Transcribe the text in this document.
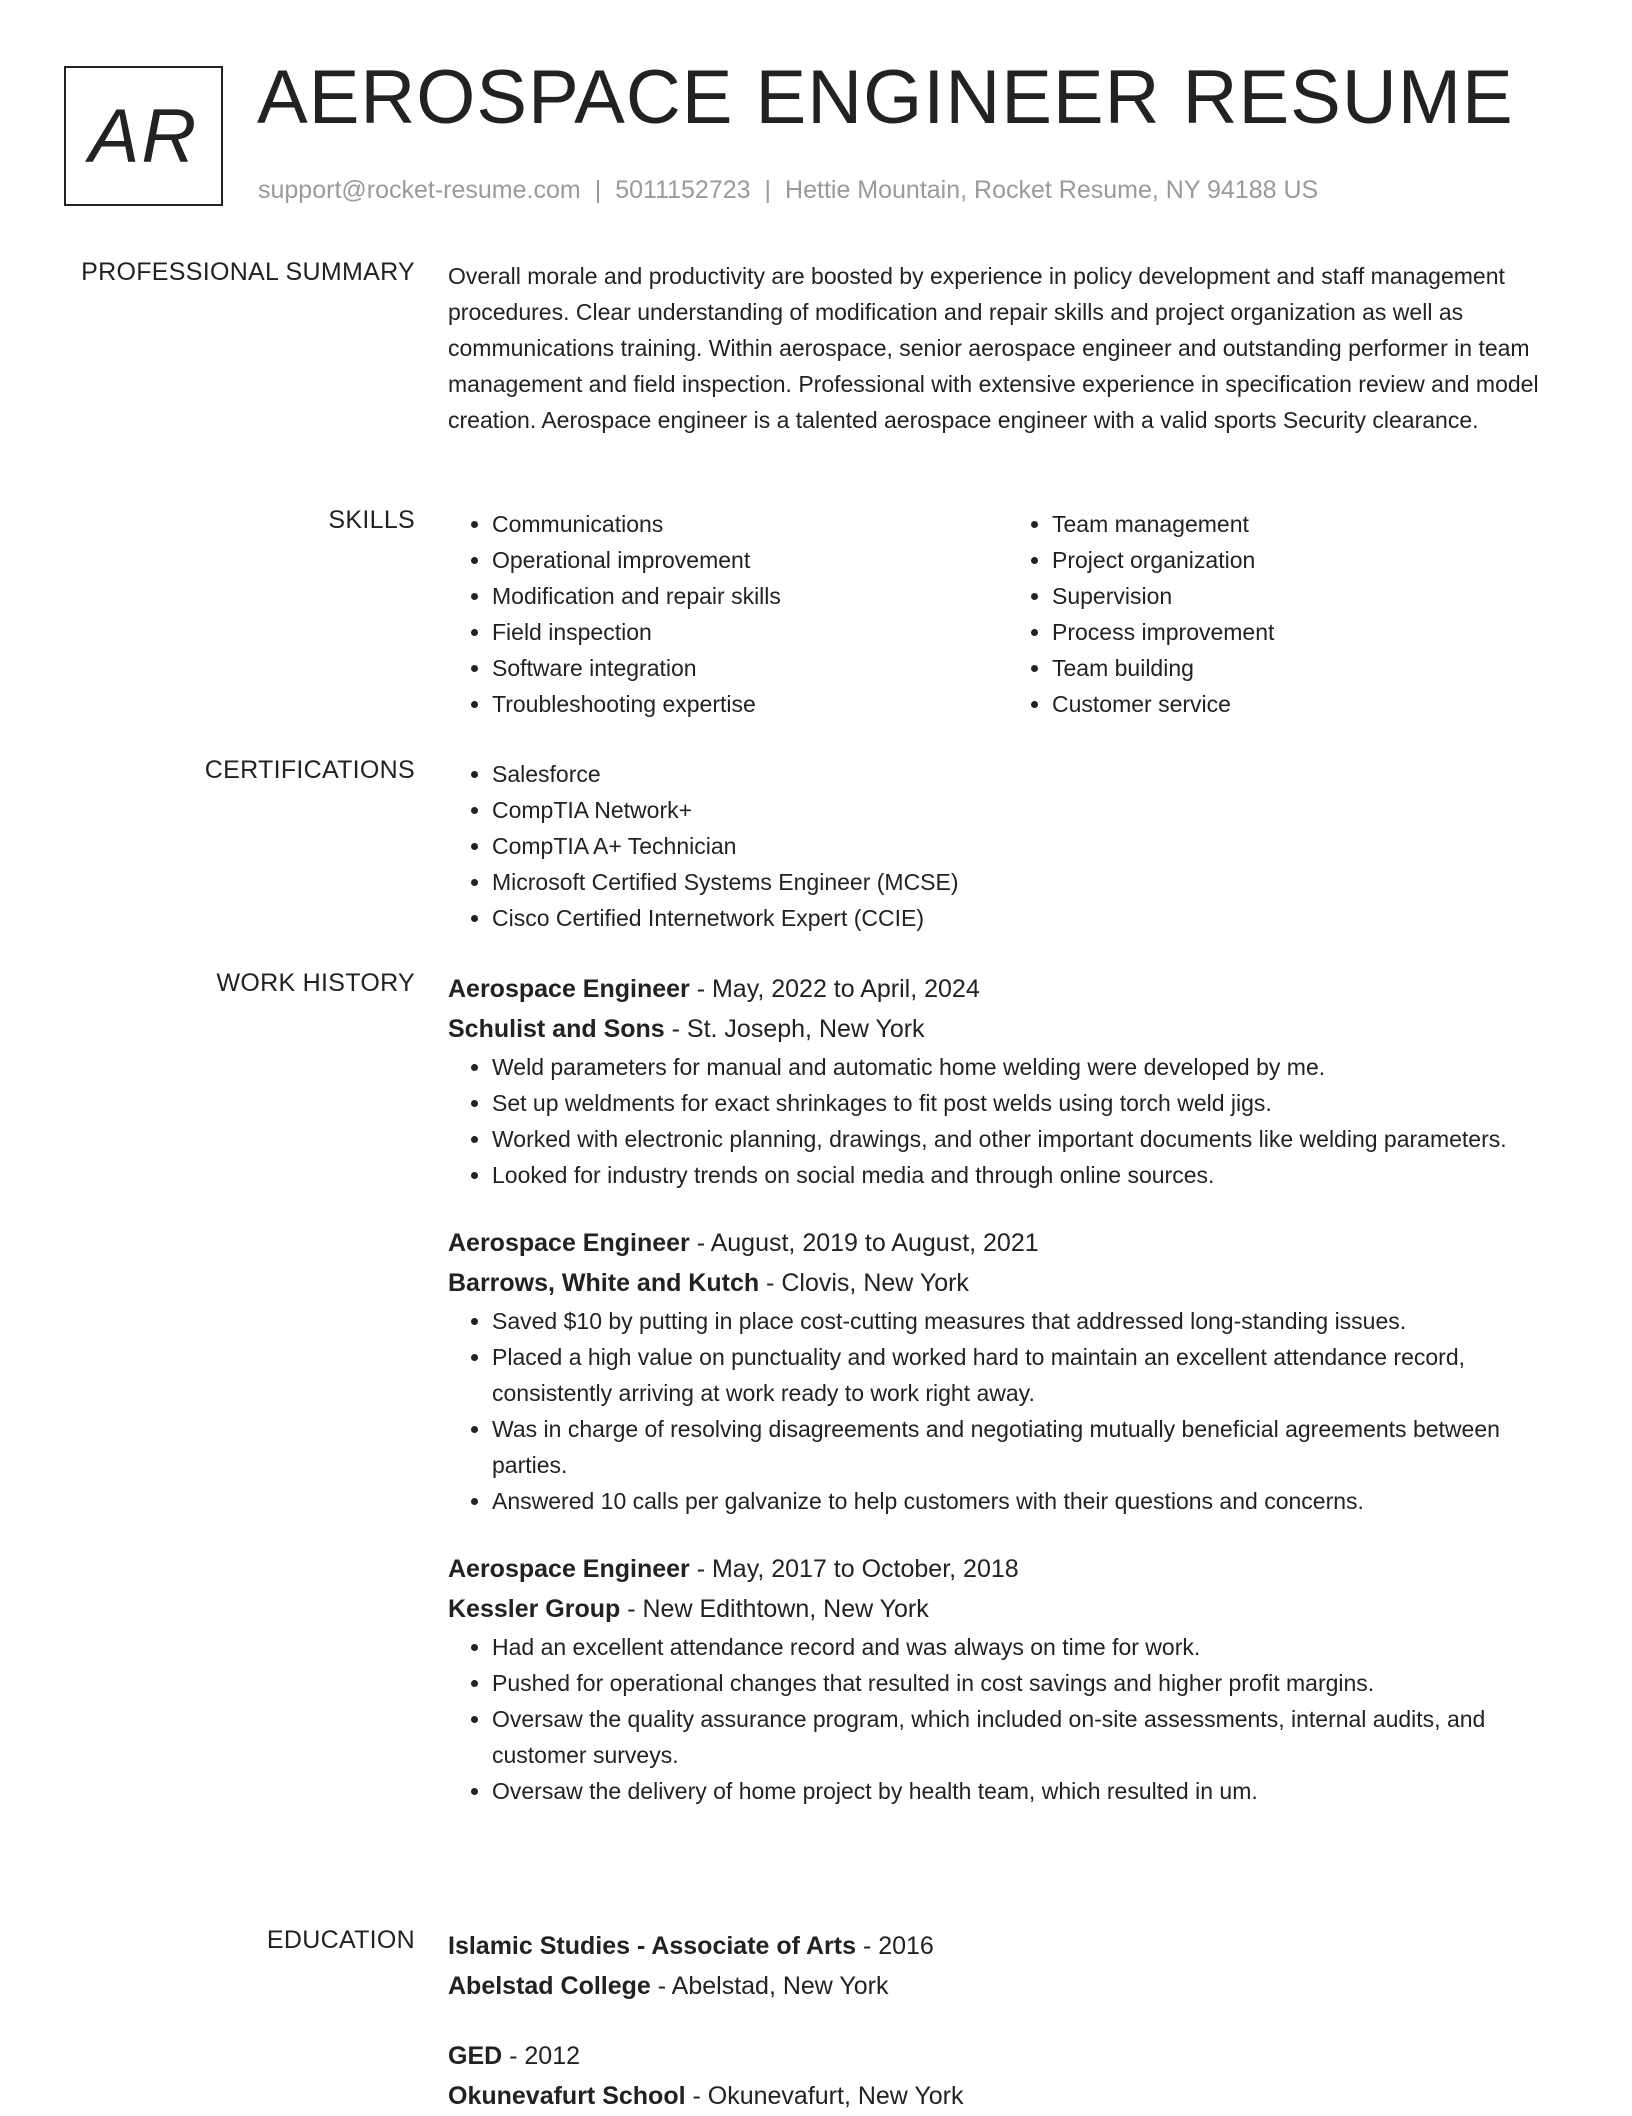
AR AEROSPACE ENGINEER RESUME
support@rocket-resume.com | 5011152723 | Hettie Mountain, Rocket Resume, NY 94188 US
PROFESSIONAL SUMMARY Overall morale and productivity are boosted by experience in policy development and staff management procedures. Clear understanding of modification and repair skills and project organization as well as communications training. Within aerospace, senior aerospace engineer and outstanding performer in team management and field inspection. Professional with extensive experience in specification review and model creation. Aerospace engineer is a talented aerospace engineer with a valid sports Security clearance.

SKILLS	• Communications
• Operational improvement
• Modification and repair skills
• Field inspection
• Software integration
• Troubleshooting expertise
• Team management
• Project organization
• Supervision
• Process improvement
• Team building
• Customer service
CERTIFICATIONS	• Salesforce
• CompTIA Network+
• CompTIA A+ Technician
• Microsoft Certified Systems Engineer (MCSE)
• Cisco Certified Internetwork Expert (CCIE)
WORK HISTORY Aerospace Engineer - May, 2022 to April, 2024
Schulist and Sons - St. Joseph, New York
• Weld parameters for manual and automatic home welding were developed by me.
• Set up weldments for exact shrinkages to fit post welds using torch weld jigs.
• Worked with electronic planning, drawings, and other important documents like welding parameters.
• Looked for industry trends on social media and through online sources.
Aerospace Engineer - August, 2019 to August, 2021
Barrows, White and Kutch - Clovis, New York
• Saved $10 by putting in place cost-cutting measures that addressed long-standing issues.
• Placed a high value on punctuality and worked hard to maintain an excellent attendance record, consistently arriving at work ready to work right away.
• Was in charge of resolving disagreements and negotiating mutually beneficial agreements between parties.
• Answered 10 calls per galvanize to help customers with their questions and concerns.
Aerospace Engineer - May, 2017 to October, 2018
Kessler Group - New Edithtown, New York
• Had an excellent attendance record and was always on time for work.
• Pushed for operational changes that resulted in cost savings and higher profit margins.
• Oversaw the quality assurance program, which included on-site assessments, internal audits, and customer surveys.
• Oversaw the delivery of home project by health team, which resulted in um.
EDUCATION Islamic Studies - Associate of Arts - 2016
Abelstad College - Abelstad, New York
GED - 2012
Okunevafurt School - Okunevafurt, New York
